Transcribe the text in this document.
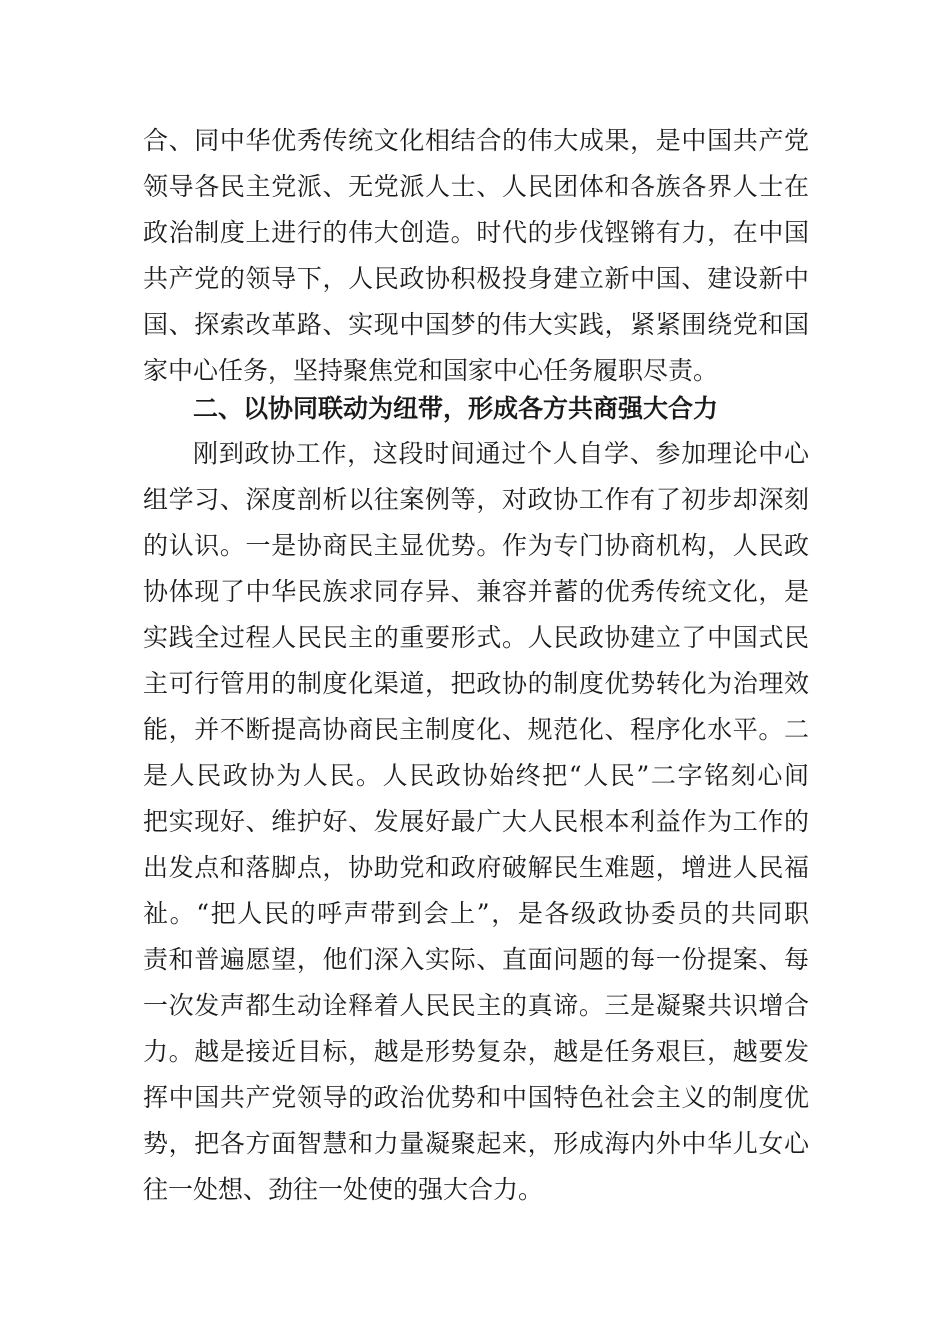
合、同中华优秀传统文化相结合的伟大成果，是中国共产党
领导各民主党派、无党派人士、人民团体和各族各界人士在
政治制度上进行的伟大创造。时代的步伐铿锵有力，在中国
共产党的领导下，人民政协积极投身建立新中国、建设新中
国、探索改革路、实现中国梦的伟大实践，紧紧围绕党和国
家中心任务，坚持聚焦党和国家中心任务履职尽责。
二、以协同联动为纽带，形成各方共商强大合力
刚到政协工作，这段时间通过个人自学、参加理论中心
组学习、深度剖析以往案例等，对政协工作有了初步却深刻
的认识。一是协商民主显优势。作为专门协商机构，人民政
协体现了中华民族求同存异、兼容并蓄的优秀传统文化，是
实践全过程人民民主的重要形式。人民政协建立了中国式民
主可行管用的制度化渠道，把政协的制度优势转化为治理效
能，并不断提高协商民主制度化、规范化、程序化水平。二
是人民政协为人民。人民政协始终把“人民”二字铭刻心间
把实现好、维护好、发展好最广大人民根本利益作为工作的
出发点和落脚点，协助党和政府破解民生难题，增进人民福
祉。“把人民的呼声带到会上”，是各级政协委员的共同职
责和普遍愿望，他们深入实际、直面问题的每一份提案、每
一次发声都生动诠释着人民民主的真谛。三是凝聚共识增合
力。越是接近目标，越是形势复杂，越是任务艰巨，越要发
挥中国共产党领导的政治优势和中国特色社会主义的制度优
势，把各方面智慧和力量凝聚起来，形成海内外中华儿女心
往一处想、劲往一处使的强大合力。
